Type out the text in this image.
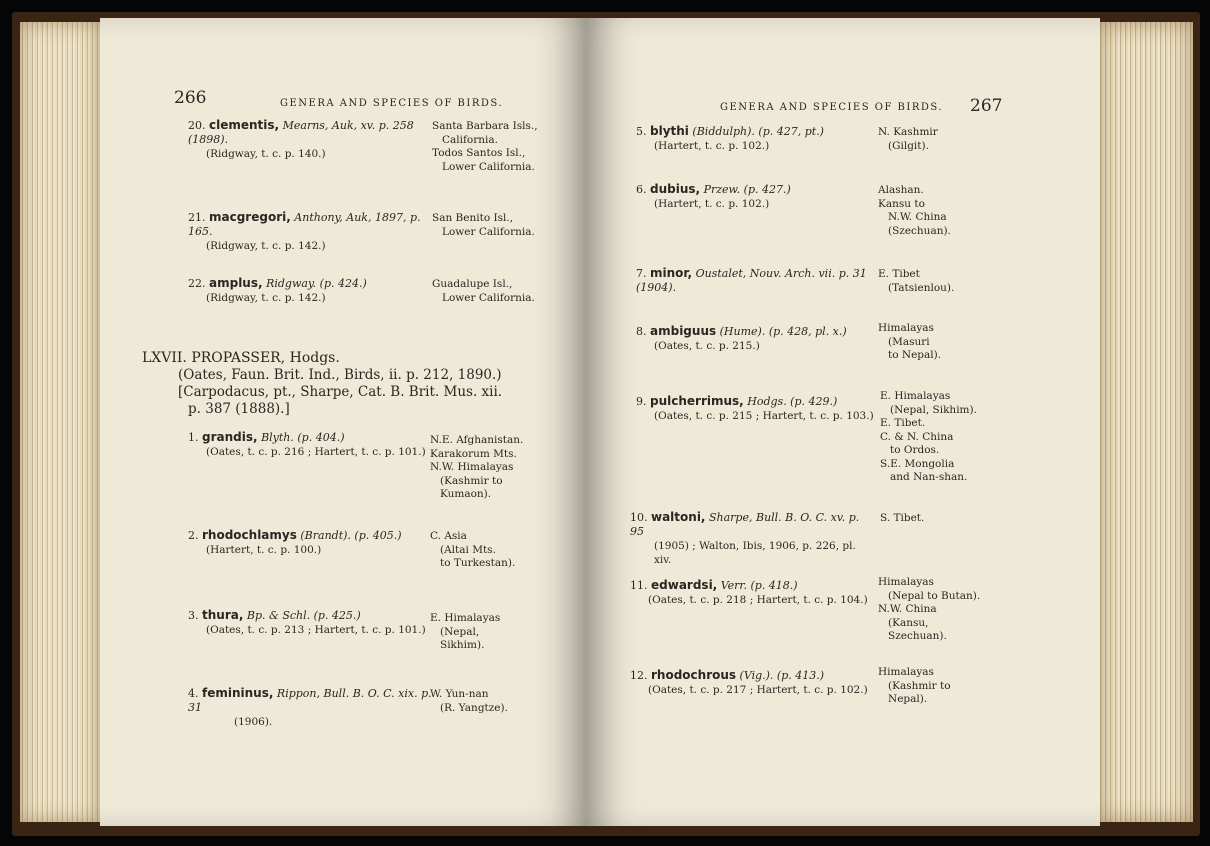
266	GENERA AND SPECIES OF BIRDS.
20. clementis, Mearns, Auk, xv. p. 258 (1898).
(Ridgway, t. c. p. 140.)
Santa Barbara Isls.,
California.
Todos Santos Isl.,
Lower California.
21. macgregori, Anthony, Auk, 1897, p. 165.
(Ridgway, t. c. p. 142.)
San Benito Isl.,
Lower California.
22. amplus, Ridgway. (p. 424.)
(Ridgway, t. c. p. 142.)
Guadalupe Isl.,
Lower California.
LXVII. PROPASSER, Hodgs.
(Oates, Faun. Brit. Ind., Birds, ii. p. 212, 1890.)
[Carpodacus, pt., Sharpe, Cat. B. Brit. Mus. xii.
p. 387 (1888).]
1. grandis, Blyth. (p. 404.)
(Oates, t. c. p. 216 ; Hartert, t. c. p. 101.)
N.E. Afghanistan.
Karakorum Mts.
N.W. Himalayas
(Kashmir to
Kumaon).
2. rhodochlamys (Brandt). (p. 405.)
(Hartert, t. c. p. 100.)
C. Asia
(Altai Mts.
to Turkestan).
3. thura, Bp. & Schl. (p. 425.)
(Oates, t. c. p. 213 ; Hartert, t. c. p. 101.)
E. Himalayas
(Nepal,
Sikhim).
4. femininus, Rippon, Bull. B. O. C. xix. p. 31
(1906).
W. Yun-nan
(R. Yangtze).
GENERA AND SPECIES OF BIRDS. 267
5. blythi (Biddulph). (p. 427, pt.)
(Hartert, t. c. p. 102.)
N. Kashmir
(Gilgit).
6. dubius, Przew. (p. 427.)
(Hartert, t. c. p. 102.)
Alashan.
Kansu to
N.W. China
(Szechuan).
7. minor, Oustalet, Nouv. Arch. vii. p. 31 (1904).
E. Tibet
(Tatsienlou).
8. ambiguus (Hume). (p. 428, pl. x.)
(Oates, t. c. p. 215.)
Himalayas
(Masuri
to Nepal).
9. pulcherrimus, Hodgs. (p. 429.)
(Oates, t. c. p. 215 ; Hartert, t. c. p. 103.)
E. Himalayas
(Nepal, Sikhim).
E. Tibet.
C. & N. China
to Ordos.
S.E. Mongolia
and Nan-shan.
10. waltoni, Sharpe, Bull. B. O. C. xv. p. 95
(1905) ; Walton, Ibis, 1906, p. 226, pl. xiv.
S. Tibet.
11. edwardsi, Verr. (p. 418.)
(Oates, t. c. p. 218 ; Hartert, t. c. p. 104.)
Himalayas
(Nepal to Butan).
N.W. China
(Kansu,
Szechuan).
12. rhodochrous (Vig.). (p. 413.)
(Oates, t. c. p. 217 ; Hartert, t. c. p. 102.)
Himalayas
(Kashmir to
Nepal).
